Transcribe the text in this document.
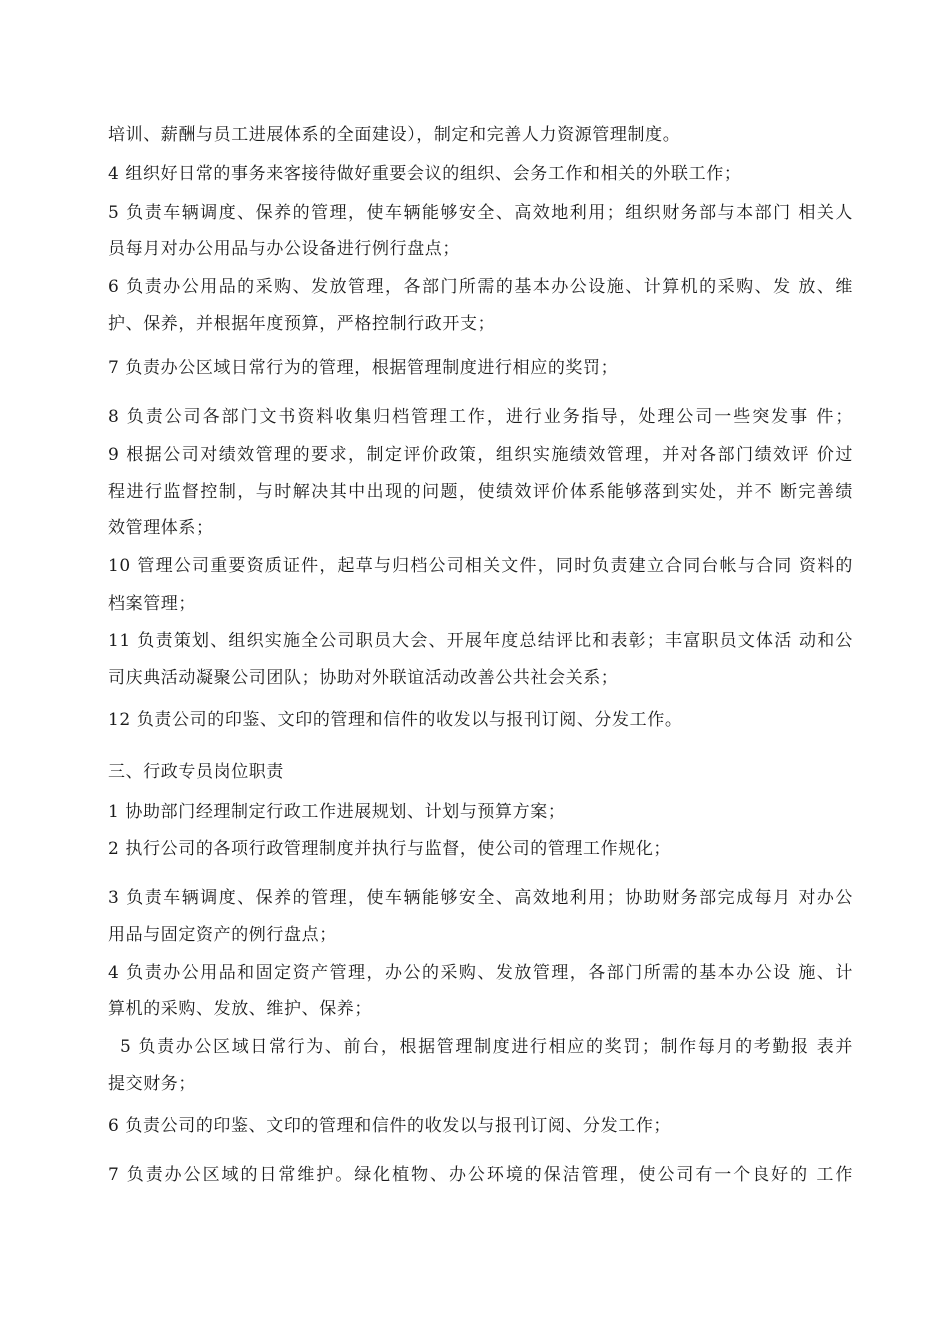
培训、薪酬与员工进展体系的全面建设），制定和完善人力资源管理制度。
4 组织好日常的事务来客接待做好重要会议的组织、会务工作和相关的外联工作；
5 负责车辆调度、保养的管理，使车辆能够安全、高效地利用；组织财务部与本部门 相关人
员每月对办公用品与办公设备进行例行盘点；
6 负责办公用品的采购、发放管理，各部门所需的基本办公设施、计算机的采购、发 放、维
护、保养，并根据年度预算，严格控制行政开支；
7 负责办公区域日常行为的管理，根据管理制度进行相应的奖罚；
8 负责公司各部门文书资料收集归档管理工作，进行业务指导，处理公司一些突发事 件；
9 根据公司对绩效管理的要求，制定评价政策，组织实施绩效管理，并对各部门绩效评 价过
程进行监督控制，与时解决其中出现的问题，使绩效评价体系能够落到实处，并不 断完善绩
效管理体系；
10 管理公司重要资质证件，起草与归档公司相关文件，同时负责建立合同台帐与合同 资料的
档案管理；
11 负责策划、组织实施全公司职员大会、开展年度总结评比和表彰；丰富职员文体活 动和公
司庆典活动凝聚公司团队；协助对外联谊活动改善公共社会关系；
12 负责公司的印鉴、文印的管理和信件的收发以与报刊订阅、分发工作。
三、行政专员岗位职责
1 协助部门经理制定行政工作进展规划、计划与预算方案；
2 执行公司的各项行政管理制度并执行与监督，使公司的管理工作规化；
3 负责车辆调度、保养的管理，使车辆能够安全、高效地利用；协助财务部完成每月 对办公
用品与固定资产的例行盘点；
4 负责办公用品和固定资产管理，办公的采购、发放管理，各部门所需的基本办公设 施、计
算机的采购、发放、维护、保养；
5 负责办公区域日常行为、前台，根据管理制度进行相应的奖罚；制作每月的考勤报 表并
提交财务；
6 负责公司的印鉴、文印的管理和信件的收发以与报刊订阅、分发工作；
7 负责办公区域的日常维护。绿化植物、办公环境的保洁管理，使公司有一个良好的 工作
